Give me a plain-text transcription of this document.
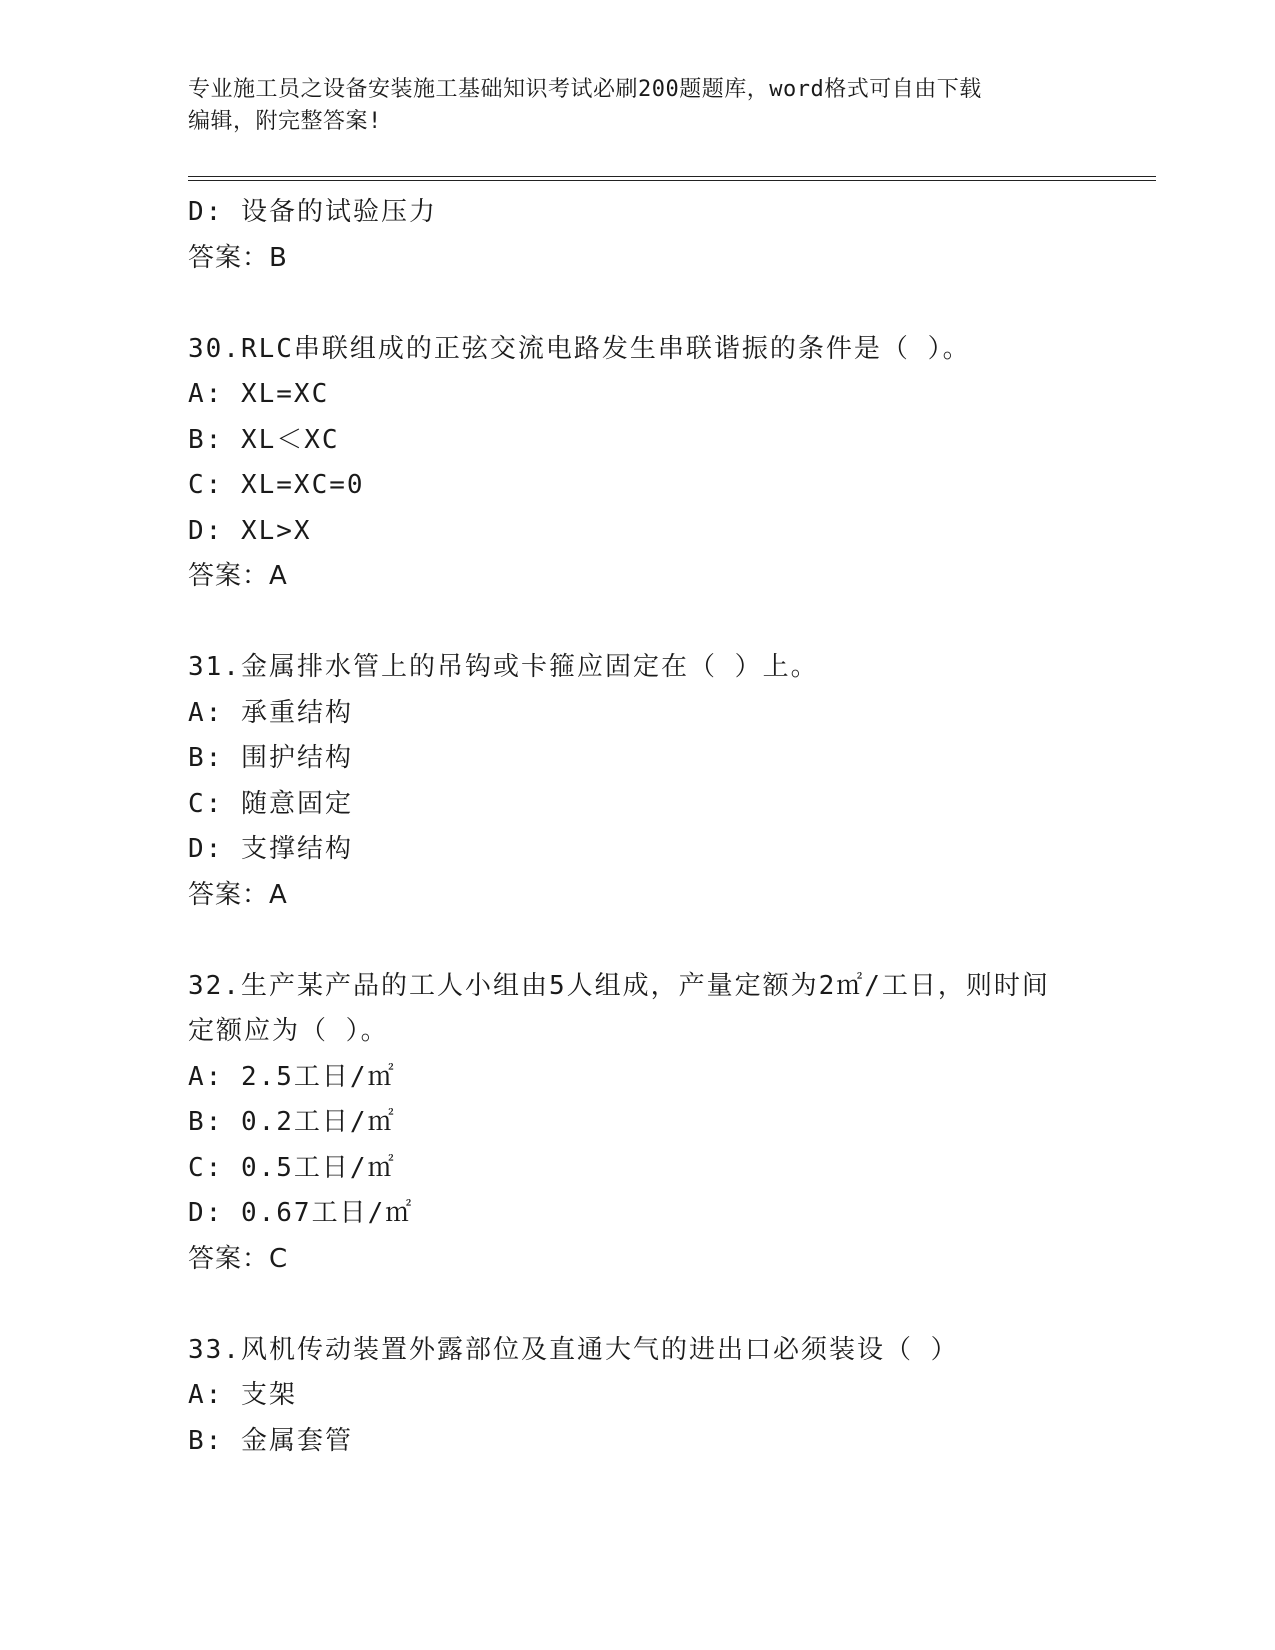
专业施工员之设备安装施工基础知识考试必刷200题题库，word格式可自由下载
编辑，附完整答案!
D: 设备的试验压力
答案：B
30.RLC串联组成的正弦交流电路发生串联谐振的条件是（ ）。
A: XL=XC
B: XL＜XC
C: XL=XC=0
D: XL>X
答案：A
31.金属排水管上的吊钩或卡箍应固定在（ ）上。
A: 承重结构
B: 围护结构
C: 随意固定
D: 支撑结构
答案：A
32.生产某产品的工人小组由5人组成，产量定额为2㎡/工日，则时间
定额应为（ ）。
A: 2.5工日/㎡
B: 0.2工日/㎡
C: 0.5工日/㎡
D: 0.67工日/㎡
答案：C
33.风机传动装置外露部位及直通大气的进出口必须装设（ ）
A: 支架
B: 金属套管
